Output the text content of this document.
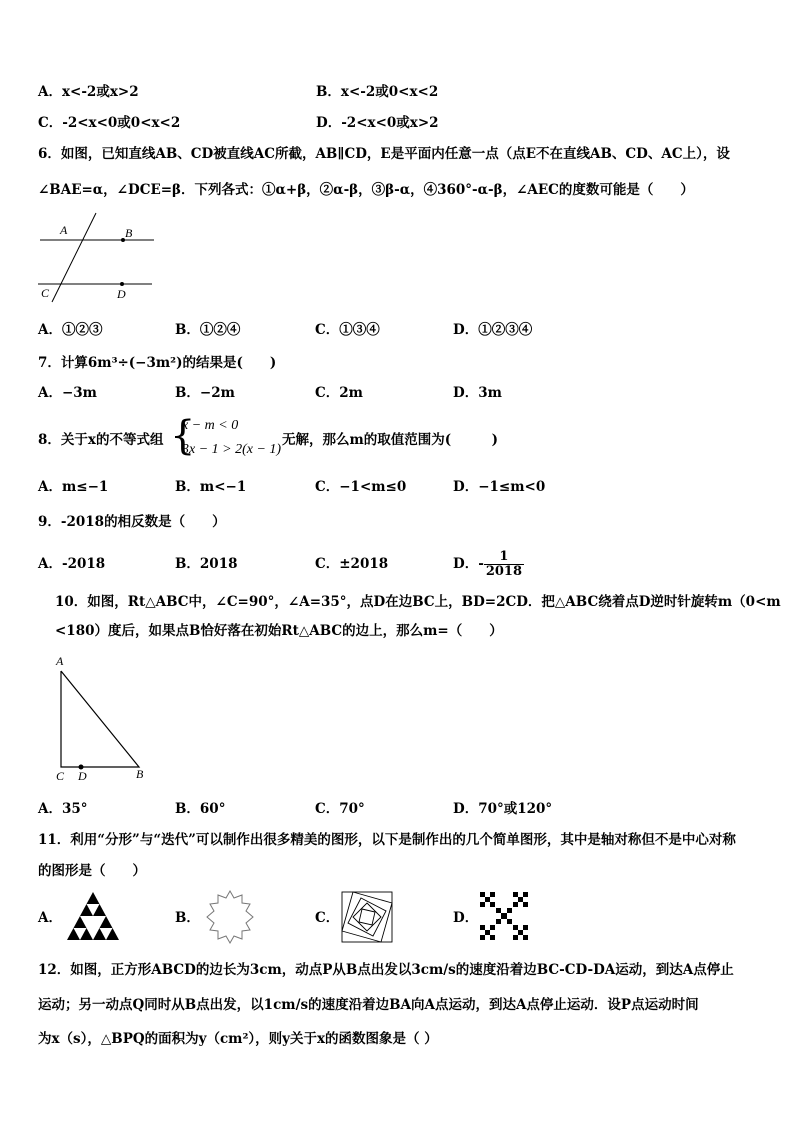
A．x<-2或x>2	B．x<-2或0<x<2
C．-2<x<0或0<x<2	D．-2<x<0或x>2
6．如图，已知直线AB、CD被直线AC所截，AB∥CD，E是平面内任意一点（点E不在直线AB、CD、AC上），设
∠BAE=α，∠DCE=β．下列各式：①α+β，②α-β，③β-α，④360°-α-β，∠AEC的度数可能是（　　）
A	B
C	D
A．①②③	B．①②④	C．①③④	D．①②③④
7．计算6m³÷(−3m²)的结果是(　　)
A．−3m	B．−2m	C．2m	D．3m
8．关于x的不等式组 {
x − m < 0
3x − 1 > 2(x − 1)
无解，那么m的取值范围为(　　　)
A．m≤−1	B．m<−1	C．−1<m≤0	D．−1≤m<0
9．-2018的相反数是（　　）
A．-2018	B．2018	C．±2018	D．- $\frac{1}{2018}$
10．如图，Rt△ABC中，∠C=90°，∠A=35°，点D在边BC上，BD=2CD．把△ABC绕着点D逆时针旋转m（0<m
<180）度后，如果点B恰好落在初始Rt△ABC的边上，那么m=（　　）
A
C D	B
A．35°	B．60°	C．70°	D．70°或120°
11．利用“分形”与“迭代”可以制作出很多精美的图形，以下是制作出的几个简单图形，其中是轴对称但不是中心对称
的图形是（　　）
A．	B．	C．	D．
12．如图，正方形ABCD的边长为3cm，动点P从B点出发以3cm/s的速度沿着边BC-CD-DA运动，到达A点停止
运动；另一动点Q同时从B点出发，以1cm/s的速度沿着边BA向A点运动，到达A点停止运动．设P点运动时间
为x（s），△BPQ的面积为y（cm²），则y关于x的函数图象是（ ）
